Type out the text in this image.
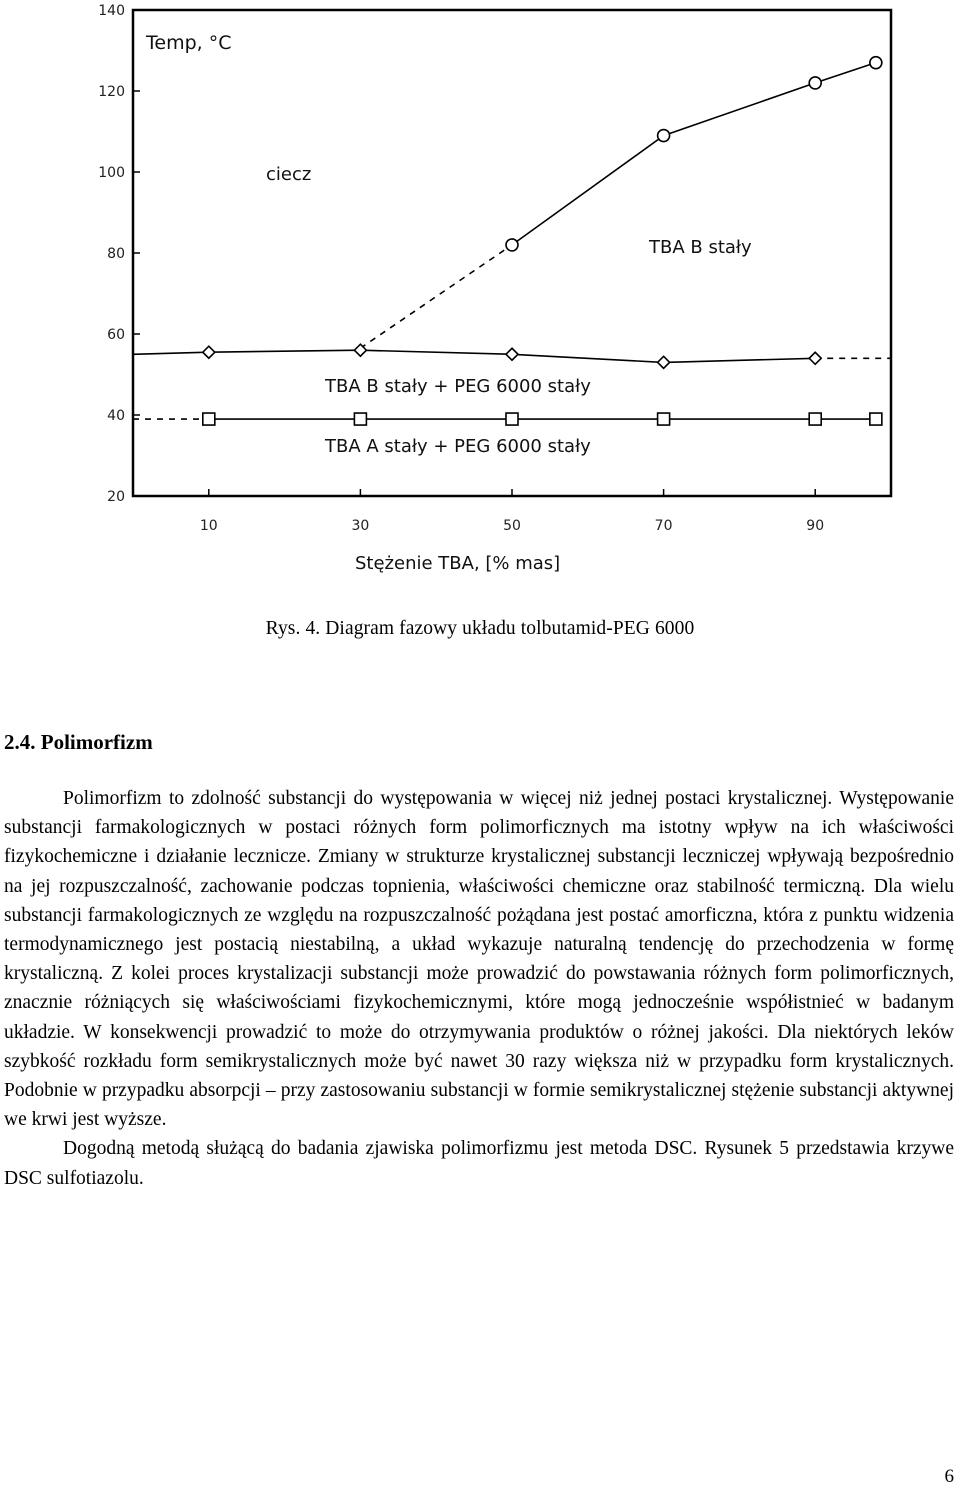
20
40
60
80
100
120
140
10	30	50	70	90
Temp, °C
Stężenie TBA, [% mas]
ciecz
TBA B stały
TBA B stały + PEG 6000 stały
TBA A stały + PEG 6000 stały
Rys. 4. Diagram fazowy układu tolbutamid-PEG 6000
2.4. Polimorfizm

Polimorfizm to zdolność substancji do występowania w więcej niż jednej postaci krystalicznej. Występowanie substancji farmakologicznych w postaci różnych form polimorficznych ma istotny wpływ na ich właściwości fizykochemiczne i działanie lecznicze. Zmiany w strukturze krystalicznej substancji leczniczej wpływają bezpośrednio na jej rozpuszczalność, zachowanie podczas topnienia, właściwości chemiczne oraz stabilność termiczną. Dla wielu substancji farmakologicznych ze względu na rozpuszczalność pożądana jest postać amorficzna, która z punktu widzenia termodynamicznego jest postacią niestabilną, a układ wykazuje naturalną tendencję do przechodzenia w formę krystaliczną. Z kolei proces krystalizacji substancji może prowadzić do powstawania różnych form polimorficznych, znacznie różniących się właściwościami fizykochemicznymi, które mogą jednocześnie współistnieć w badanym układzie. W konsekwencji prowadzić to może do otrzymywania produktów o różnej jakości. Dla niektórych leków szybkość rozkładu form semikrystalicznych może być nawet 30 razy większa niż w przypadku form krystalicznych. Podobnie w przypadku absorpcji – przy zastosowaniu substancji w formie semikrystalicznej stężenie substancji aktywnej we krwi jest wyższe.

Dogodną metodą służącą do badania zjawiska polimorfizmu jest metoda DSC. Rysunek 5 przedstawia krzywe DSC sulfotiazolu.

6
